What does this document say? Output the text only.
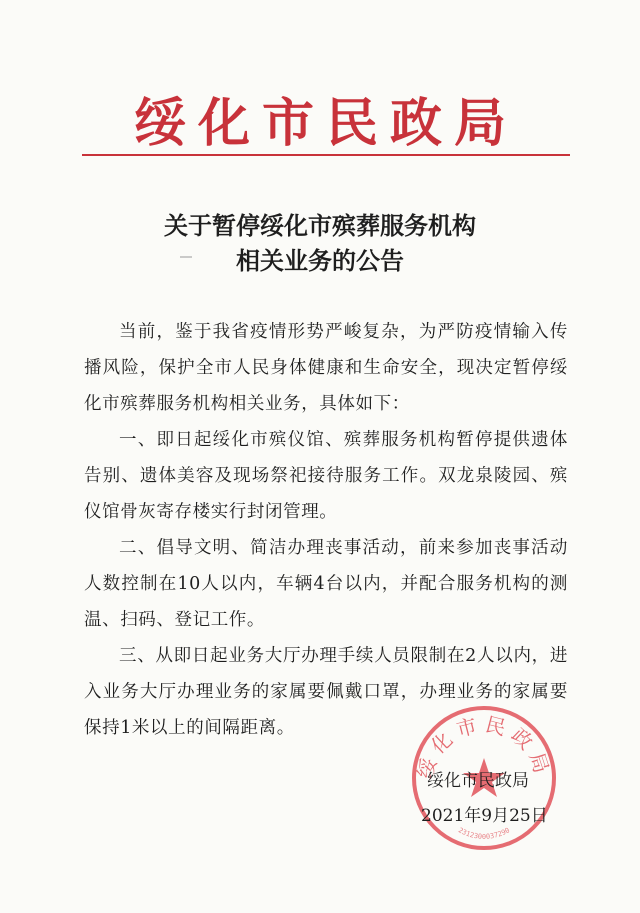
绥化市民政局
关于暂停绥化市殡葬服务机构
相关业务的公告

当前，鉴于我省疫情形势严峻复杂，为严防疫情输入传播风险，保护全市人民身体健康和生命安全，现决定暂停绥化市殡葬服务机构相关业务，具体如下：

一、即日起绥化市殡仪馆、殡葬服务机构暂停提供遗体告别、遗体美容及现场祭祀接待服务工作。双龙泉陵园、殡仪馆骨灰寄存楼实行封闭管理。

二、倡导文明、简洁办理丧事活动，前来参加丧事活动人数控制在10人以内，车辆4台以内，并配合服务机构的测温、扫码、登记工作。

三、从即日起业务大厅办理手续人员限制在2人以内，进入业务大厅办理业务的家属要佩戴口罩，办理业务的家属要保持1米以上的间隔距离。

绥化市民政局
2312300037290
绥化市民政局
2021年9月25日
